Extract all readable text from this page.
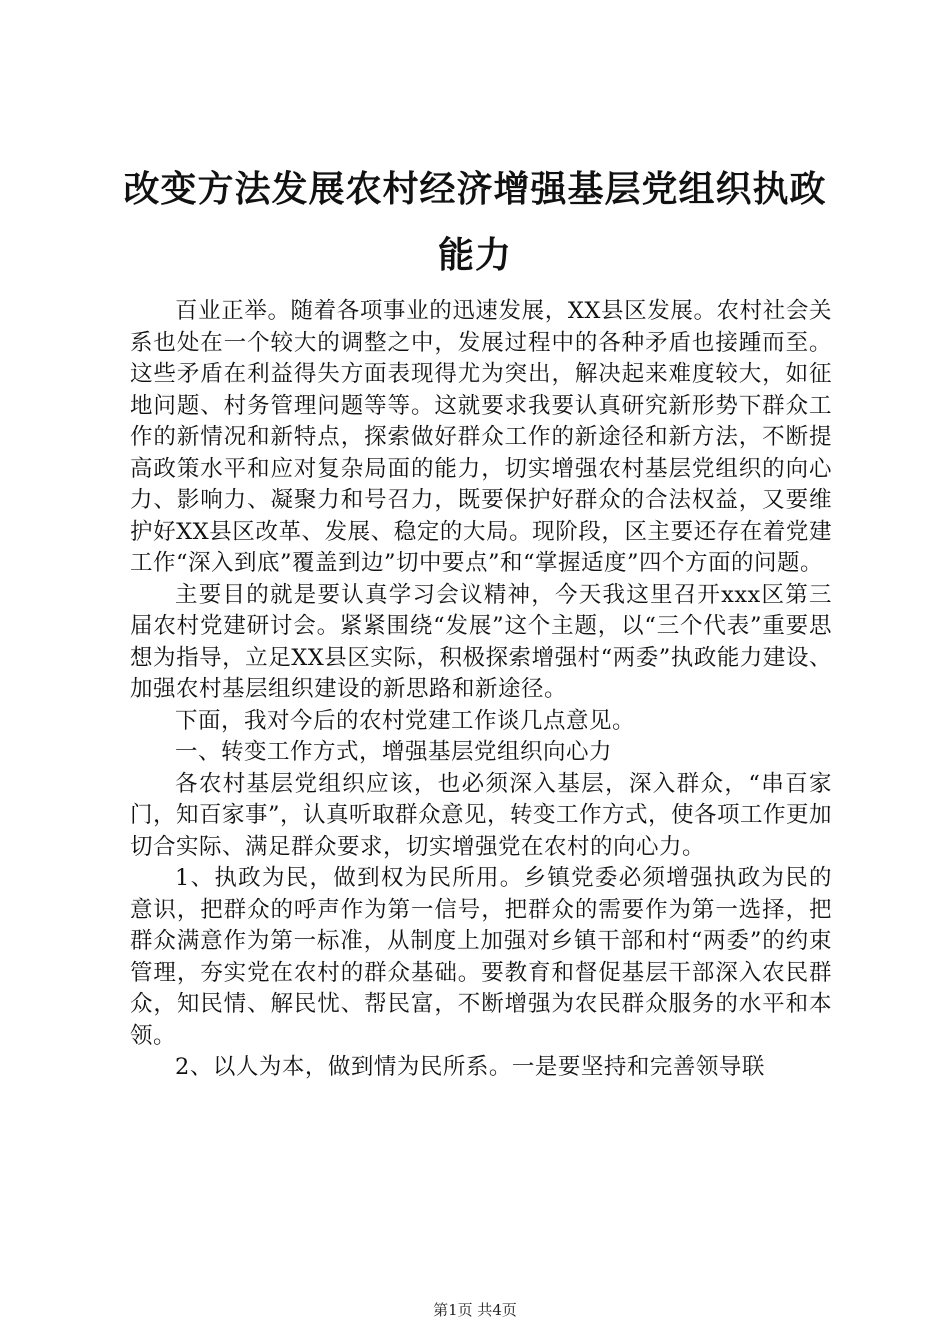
改变方法发展农村经济增强基层党组织执政能力

百业正举。随着各项事业的迅速发展，XX县区发展。农村社会关系也处在一个较大的调整之中，发展过程中的各种矛盾也接踵而至。这些矛盾在利益得失方面表现得尤为突出，解决起来难度较大，如征地问题、村务管理问题等等。这就要求我要认真研究新形势下群众工作的新情况和新特点，探索做好群众工作的新途径和新方法，不断提高政策水平和应对复杂局面的能力，切实增强农村基层党组织的向心力、影响力、凝聚力和号召力，既要保护好群众的合法权益，又要维护好XX县区改革、发展、稳定的大局。现阶段，区主要还存在着党建工作“深入到底”覆盖到边”切中要点”和“掌握适度”四个方面的问题。

主要目的就是要认真学习会议精神，今天我这里召开xxx区第三届农村党建研讨会。紧紧围绕“发展”这个主题，以“三个代表”重要思想为指导，立足XX县区实际，积极探索增强村“两委”执政能力建设、加强农村基层组织建设的新思路和新途径。

下面，我对今后的农村党建工作谈几点意见。

一、转变工作方式，增强基层党组织向心力

各农村基层党组织应该，也必须深入基层，深入群众，“串百家门，知百家事”，认真听取群众意见，转变工作方式，使各项工作更加切合实际、满足群众要求，切实增强党在农村的向心力。

1、执政为民，做到权为民所用。乡镇党委必须增强执政为民的意识，把群众的呼声作为第一信号，把群众的需要作为第一选择，把群众满意作为第一标准，从制度上加强对乡镇干部和村“两委”的约束管理，夯实党在农村的群众基础。要教育和督促基层干部深入农民群众，知民情、解民忧、帮民富，不断增强为农民群众服务的水平和本领。

2、以人为本，做到情为民所系。一是要坚持和完善领导联

第1页 共4页
